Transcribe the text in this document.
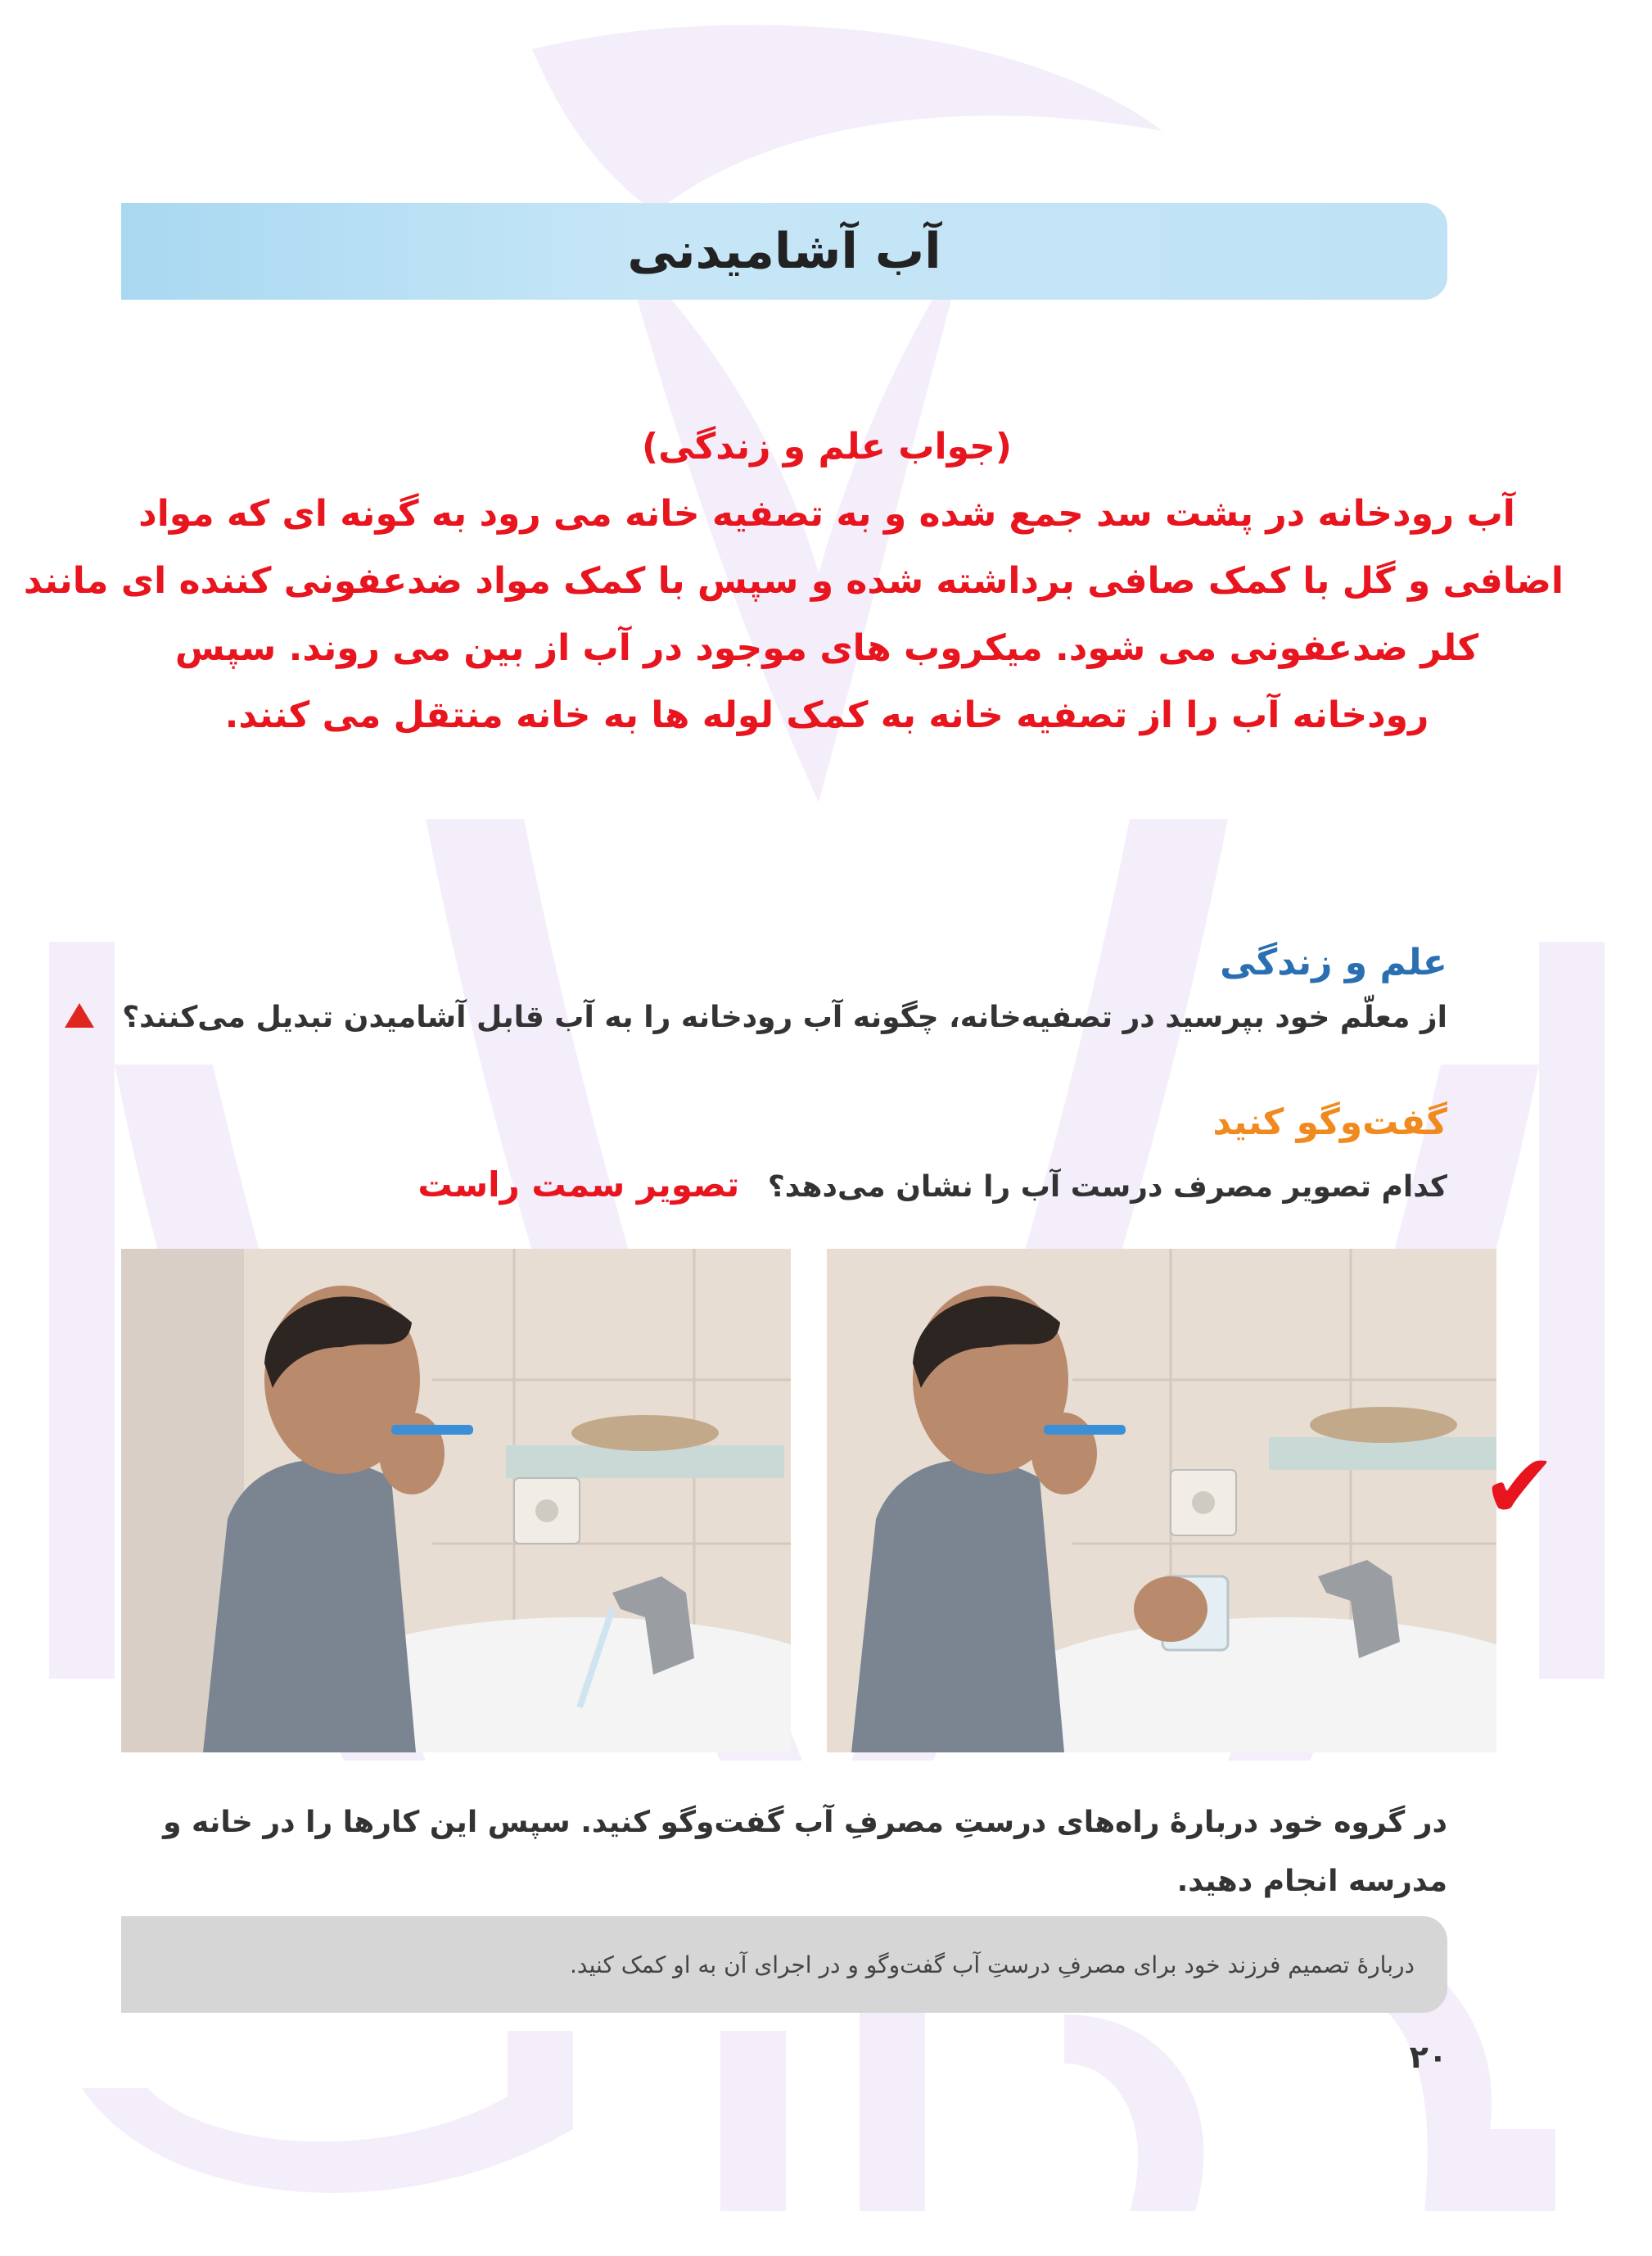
آب آشامیدنی
(جواب علم و زندگی)
آب رودخانه در پشت سد جمع شده و به تصفیه خانه می رود به گونه ای که مواد
اضافی و گل با کمک صافی برداشته شده و سپس با کمک مواد ضدعفونی کننده ای مانند
کلر ضدعفونی می شود. میکروب های موجود در آب از بین می روند. سپس
رودخانه آب را از تصفیه خانه به کمک لوله ها به خانه منتقل می کنند.
علم و زندگی
از معلّم خود بپرسید در تصفیه‌خانه، چگونه آب رودخانه را به آب قابل آشامیدن تبدیل می‌کنند؟
گفت‌وگو کنید
کدام تصویر مصرف درست آب را نشان می‌دهد؟ تصویر سمت راست
✔
در گروه خود دربارهٔ راه‌های درستِ مصرفِ آب گفت‌وگو کنید. سپس این کارها را در خانه و مدرسه انجام دهید.
دربارهٔ تصمیم فرزند خود برای مصرفِ درستِ آب گفت‌وگو و در اجرای آن به او کمک کنید.
۲۰
